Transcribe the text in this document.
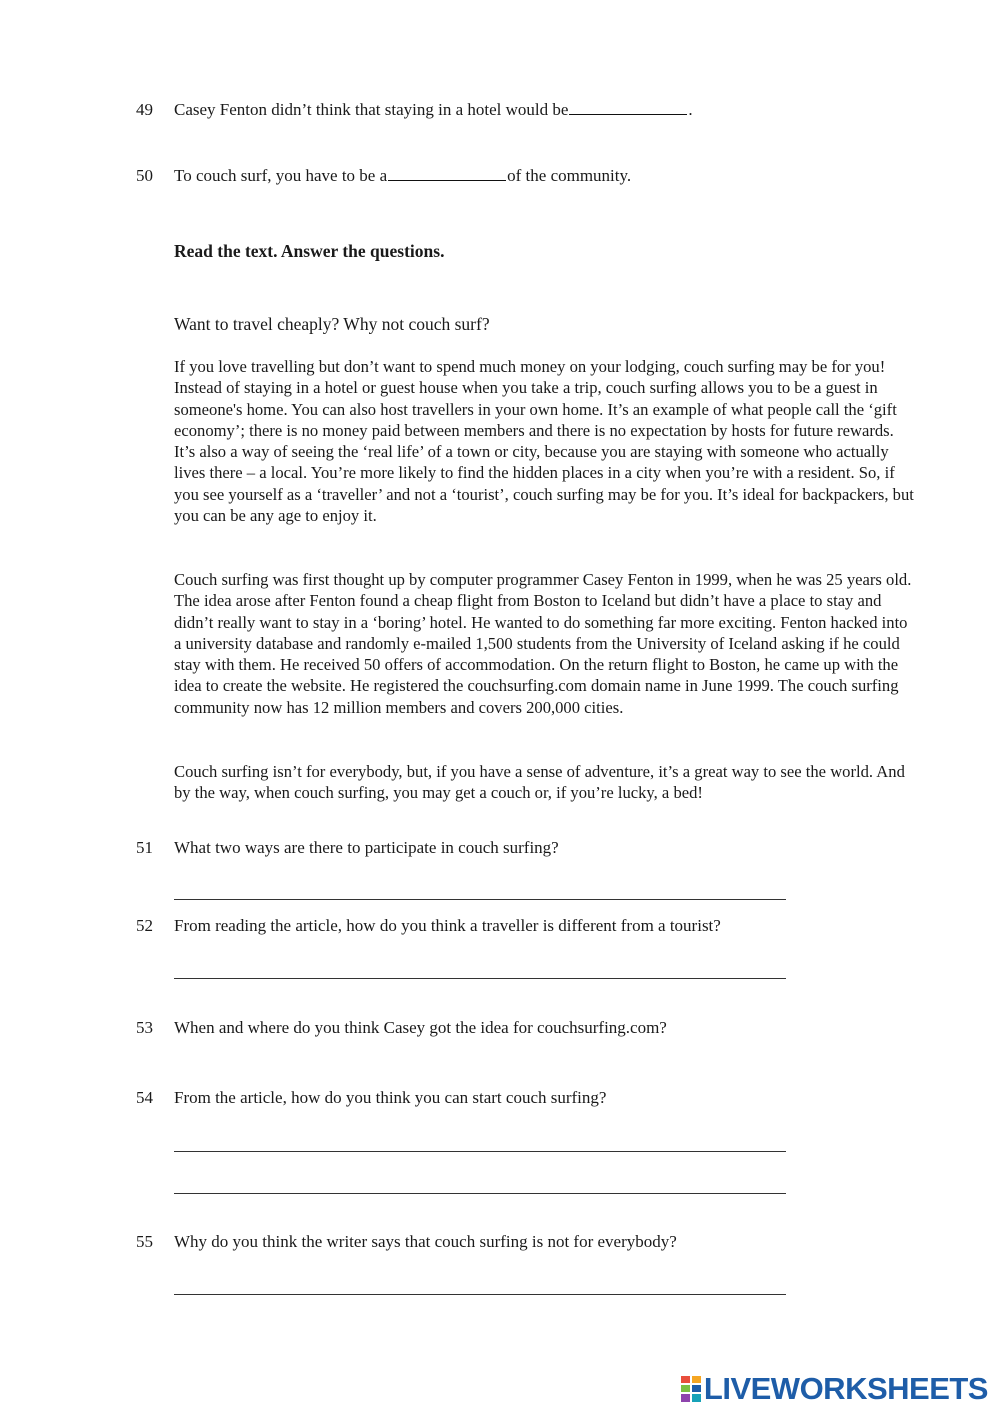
49 Casey Fenton didn’t think that staying in a hotel would be	.
50 To couch surf, you have to be a	of the community.
Read the text. Answer the questions.
Want to travel cheaply? Why not couch surf?
If you love travelling but don’t want to spend much money on your lodging, couch surfing may be for you! Instead of staying in a hotel or guest house when you take a trip, couch surfing allows you to be a guest in someone's home. You can also host travellers in your own home. It’s an example of what people call the ‘gift economy’; there is no money paid between members and there is no expectation by hosts for future rewards. It’s also a way of seeing the ‘real life’ of a town or city, because you are staying with someone who actually lives there – a local. You’re more likely to find the hidden places in a city when you’re with a resident. So, if you see yourself as a ‘traveller’ and not a ‘tourist’, couch surfing may be for you. It’s ideal for backpackers, but you can be any age to enjoy it.
Couch surfing was first thought up by computer programmer Casey Fenton in 1999, when he was 25 years old. The idea arose after Fenton found a cheap flight from Boston to Iceland but didn’t have a place to stay and didn’t really want to stay in a ‘boring’ hotel. He wanted to do something far more exciting. Fenton hacked into a university database and randomly e-mailed 1,500 students from the University of Iceland asking if he could stay with them. He received 50 offers of accommodation. On the return flight to Boston, he came up with the idea to create the website. He registered the couchsurfing.com domain name in June 1999. The couch surfing community now has 12 million members and covers 200,000 cities.
Couch surfing isn’t for everybody, but, if you have a sense of adventure, it’s a great way to see the world. And by the way, when couch surfing, you may get a couch or, if you’re lucky, a bed!
51 What two ways are there to participate in couch surfing?
52 From reading the article, how do you think a traveller is different from a tourist?
53 When and where do you think Casey got the idea for couchsurfing.com?
54 From the article, how do you think you can start couch surfing?
55 Why do you think the writer says that couch surfing is not for everybody?
LIVEWORKSHEETS
